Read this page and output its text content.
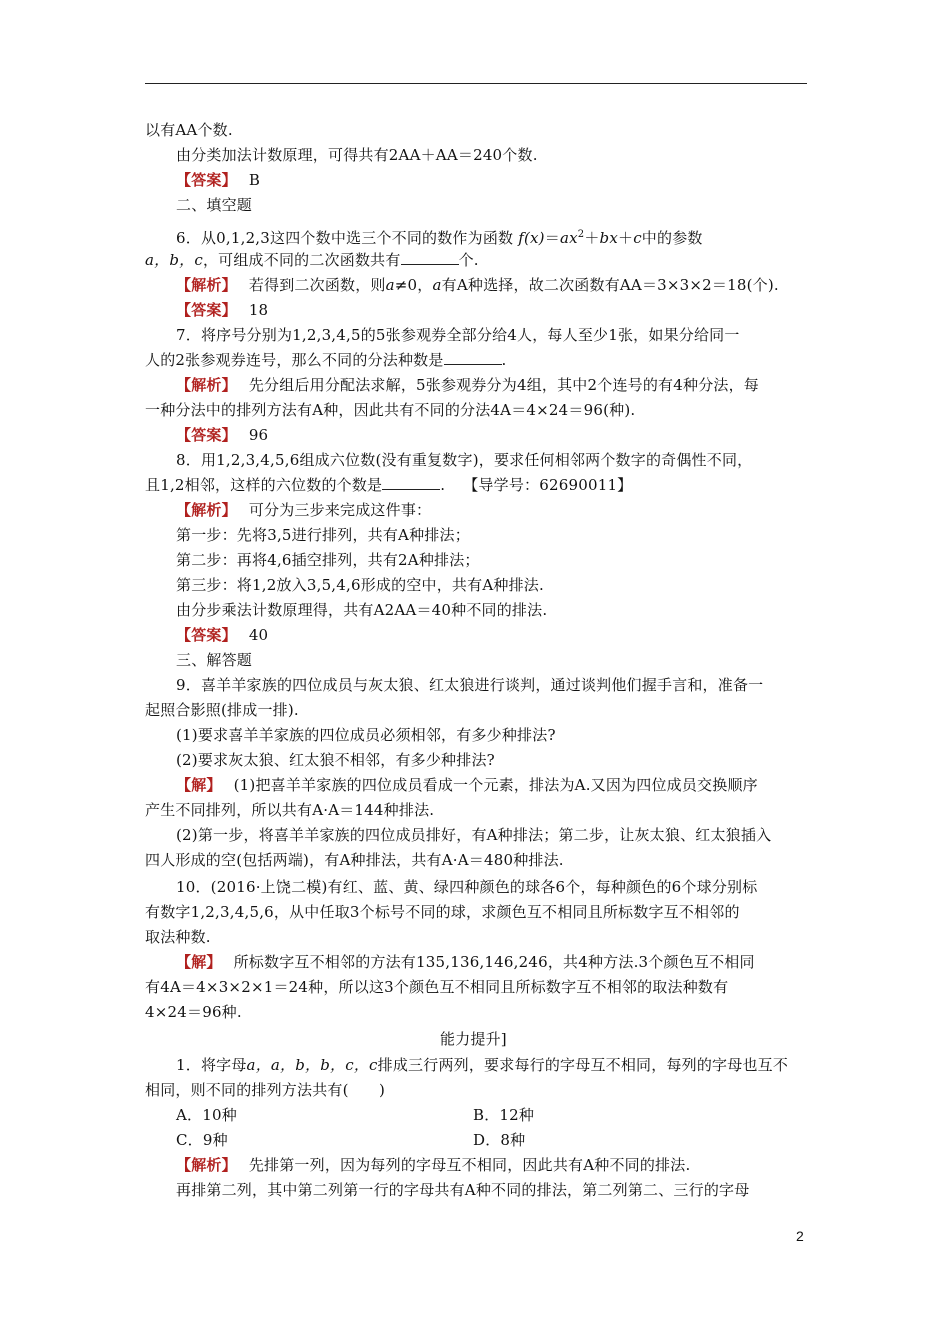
以有AA个数.
由分类加法计数原理，可得共有2AA＋AA＝240个数.
【答案】 B
二、填空题
6．从0,1,2,3这四个数中选三个不同的数作为函数 $f(x)=ax^2+bx+c$中的参数
a，b，c，可组成不同的二次函数共有	个.
【解析】 若得到二次函数，则a≠0，a有A种选择，故二次函数有AA＝3×3×2＝18(个).
【答案】 18
7．将序号分别为1,2,3,4,5的5张参观券全部分给4人，每人至少1张，如果分给同一
人的2张参观券连号，那么不同的分法种数是	.
【解析】 先分组后用分配法求解，5张参观券分为4组，其中2个连号的有4种分法，每
一种分法中的排列方法有A种，因此共有不同的分法4A＝4×24＝96(种).
【答案】 96
8．用1,2,3,4,5,6组成六位数(没有重复数字)，要求任何相邻两个数字的奇偶性不同，
且1,2相邻，这样的六位数的个数是	. 【导学号：62690011】
【解析】 可分为三步来完成这件事：
第一步：先将3,5进行排列，共有A种排法；
第二步：再将4,6插空排列，共有2A种排法；
第三步：将1,2放入3,5,4,6形成的空中，共有A种排法.
由分步乘法计数原理得，共有A2AA＝40种不同的排法.
【答案】 40
三、解答题
9．喜羊羊家族的四位成员与灰太狼、红太狼进行谈判，通过谈判他们握手言和，准备一
起照合影照(排成一排).
(1)要求喜羊羊家族的四位成员必须相邻，有多少种排法?
(2)要求灰太狼、红太狼不相邻，有多少种排法?
【解】 (1)把喜羊羊家族的四位成员看成一个元素，排法为A.又因为四位成员交换顺序
产生不同排列，所以共有A·A＝144种排法.
(2)第一步，将喜羊羊家族的四位成员排好，有A种排法；第二步，让灰太狼、红太狼插入
四人形成的空(包括两端)，有A种排法，共有A·A＝480种排法.
10．(2016·上饶二模)有红、蓝、黄、绿四种颜色的球各6个，每种颜色的6个球分别标
有数字1,2,3,4,5,6，从中任取3个标号不同的球，求颜色互不相同且所标数字互不相邻的
取法种数.
【解】 所标数字互不相邻的方法有135,136,146,246，共4种方法.3个颜色互不相同
有4A＝4×3×2×1＝24种，所以这3个颜色互不相同且所标数字互不相邻的取法种数有
4×24＝96种.
能力提升]
1．将字母a，a，b，b，c，c排成三行两列，要求每行的字母互不相同，每列的字母也互不
相同，则不同的排列方法共有(　　)
A．10种	B．12种
C．9种	D．8种
【解析】 先排第一列，因为每列的字母互不相同，因此共有A种不同的排法.
再排第二列，其中第二列第一行的字母共有A种不同的排法，第二列第二、三行的字母
2
